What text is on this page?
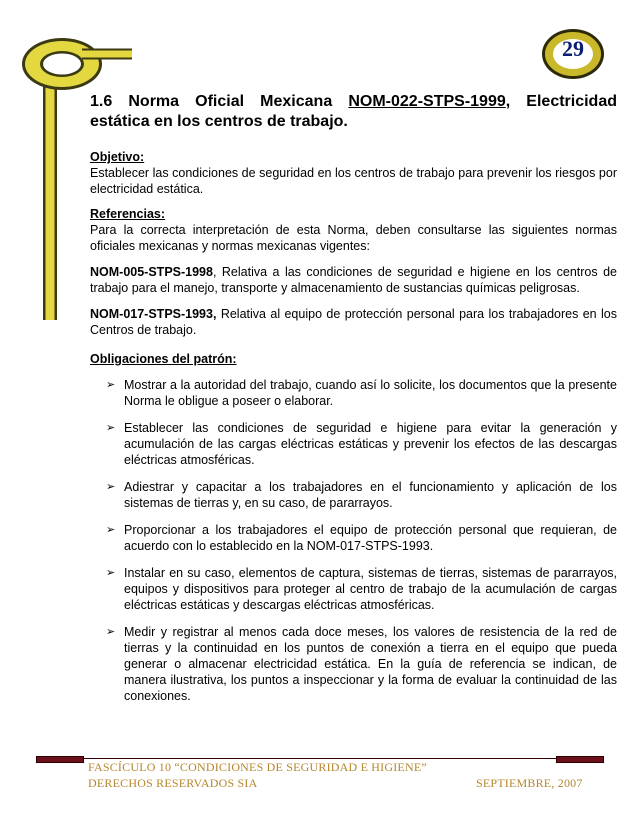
29
1.6 Norma Oficial Mexicana NOM-022-STPS-1999, Electricidad estática en los centros de trabajo.
Objetivo:

Establecer las condiciones de seguridad en los centros de trabajo para prevenir los riesgos por electricidad estática.

Referencias:

Para la correcta interpretación de esta Norma, deben consultarse las siguientes normas oficiales mexicanas y normas mexicanas vigentes:

NOM-005-STPS-1998, Relativa a las condiciones de seguridad e higiene en los centros de trabajo para el manejo, transporte y almacenamiento de sustancias químicas peligrosas.

NOM-017-STPS-1993, Relativa al equipo de protección personal para los trabajadores en los Centros de trabajo.

Obligaciones del patrón:
➢ Mostrar a la autoridad del trabajo, cuando así lo solicite, los documentos que la presente Norma le obligue a poseer o elaborar.
➢ Establecer las condiciones de seguridad e higiene para evitar la generación y acumulación de las cargas eléctricas estáticas y prevenir los efectos de las descargas eléctricas atmosféricas.
➢ Adiestrar y capacitar a los trabajadores en el funcionamiento y aplicación de los sistemas de tierras y, en su caso, de pararrayos.
➢ Proporcionar a los trabajadores el equipo de protección personal que requieran, de acuerdo con lo establecido en la NOM-017-STPS-1993.
➢ Instalar en su caso, elementos de captura, sistemas de tierras, sistemas de pararrayos, equipos y dispositivos para proteger al centro de trabajo de la acumulación de cargas eléctricas estáticas y descargas eléctricas atmosféricas.
➢ Medir y registrar al menos cada doce meses, los valores de resistencia de la red de tierras y la continuidad en los puntos de conexión a tierra en el equipo que pueda generar o almacenar electricidad estática. En la guía de referencia se indican, de manera ilustrativa, los puntos a inspeccionar y la forma de evaluar la continuidad de las conexiones.
FASCÍCULO 10 “CONDICIONES DE SEGURIDAD E HIGIENE”
DERECHOS RESERVADOS SIA	SEPTIEMBRE, 2007
